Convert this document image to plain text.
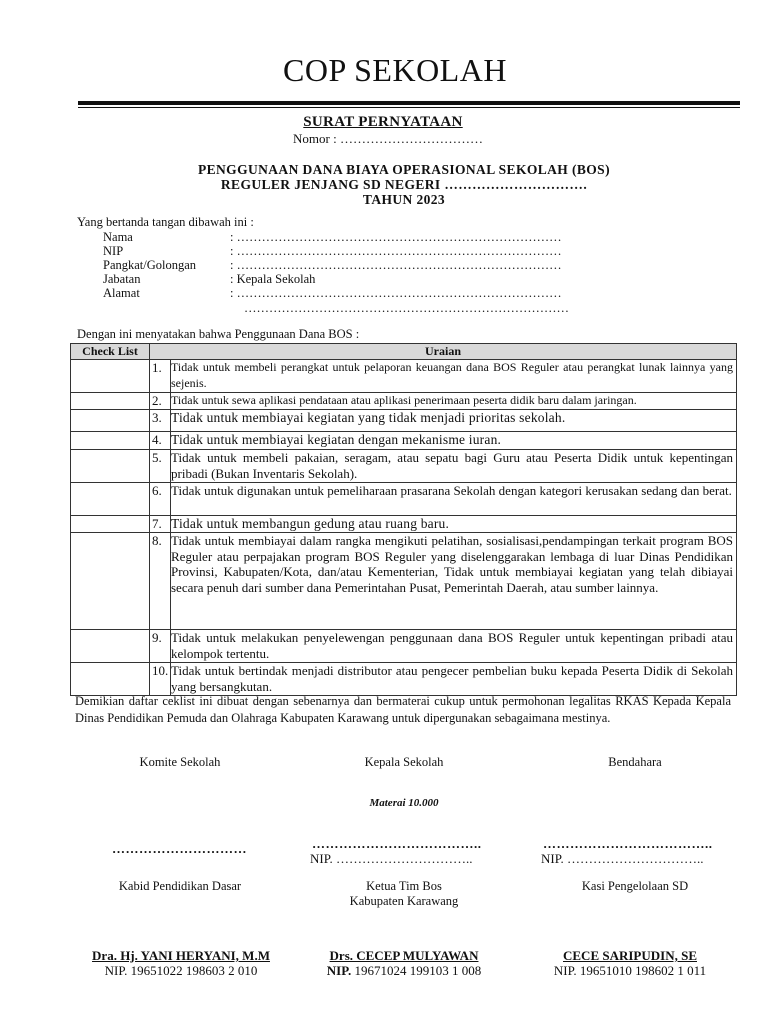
COP SEKOLAH
SURAT PERNYATAAN
Nomor : ……………………………
PENGGUNAAN DANA BIAYA OPERASIONAL SEKOLAH (BOS)
REGULER JENJANG SD NEGERI ………………………….
TAHUN 2023
Yang bertanda tangan dibawah ini :
Nama	: ……………………………………………………………………
NIP	: ……………………………………………………………………
Pangkat/Golongan	: ……………………………………………………………………
Jabatan	: Kepala Sekolah
Alamat	: ……………………………………………………………………
……………………………………………………………………
Dengan ini menyatakan bahwa Penggunaan Dana BOS :
Check List	Uraian	
	1.	Tidak untuk membeli perangkat untuk pelaporan keuangan dana BOS Reguler atau perangkat lunak lainnya yang sejenis.
	2.	Tidak untuk sewa aplikasi pendataan atau aplikasi penerimaan peserta didik baru dalam jaringan.
	3.	Tidak untuk membiayai kegiatan yang tidak menjadi prioritas sekolah.
	4.	Tidak untuk membiayai kegiatan dengan mekanisme iuran.
	5.	Tidak untuk membeli pakaian, seragam, atau sepatu bagi Guru atau Peserta Didik untuk kepentingan pribadi (Bukan Inventaris Sekolah).
	6.	Tidak untuk digunakan untuk pemeliharaan prasarana Sekolah dengan kategori kerusakan sedang dan berat.
	7.	Tidak untuk membangun gedung atau ruang baru.
	8.	Tidak untuk membiayai dalam rangka mengikuti pelatihan, sosialisasi,pendampingan terkait program BOS Reguler atau perpajakan program BOS Reguler yang diselenggarakan lembaga di luar Dinas Pendidikan Provinsi, Kabupaten/Kota, dan/atau Kementerian, Tidak untuk membiayai kegiatan yang telah dibiayai secara penuh dari sumber dana Pemerintahan Pusat, Pemerintah Daerah, atau sumber lainnya.
	9.	Tidak untuk melakukan penyelewengan penggunaan dana BOS Reguler untuk kepentingan pribadi atau kelompok tertentu.
	10.	Tidak untuk bertindak menjadi distributor atau pengecer pembelian buku kepada Peserta Didik di Sekolah yang bersangkutan.
Demikian daftar ceklist ini dibuat dengan sebenarnya dan bermaterai cukup untuk permohonan legalitas RKAS Kepada Kepala Dinas Pendidikan Pemuda dan Olahraga Kabupaten Karawang untuk dipergunakan sebagaimana mestinya.
Komite Sekolah	Kepala Sekolah	Bendahara
Materai 10.000
…………………………	………………………………..
NIP. …………………………..
………………………………..
NIP. …………………………..
Kabid Pendidikan Dasar	Ketua Tim Bos
Kabupaten Karawang
Kasi Pengelolaan SD
Dra. Hj. YANI HERYANI, M.M
NIP. 19651022 198603 2 010
Drs. CECEP MULYAWAN
NIP. 19671024 199103 1 008
CECE SARIPUDIN, SE
NIP. 19651010 198602 1 011
